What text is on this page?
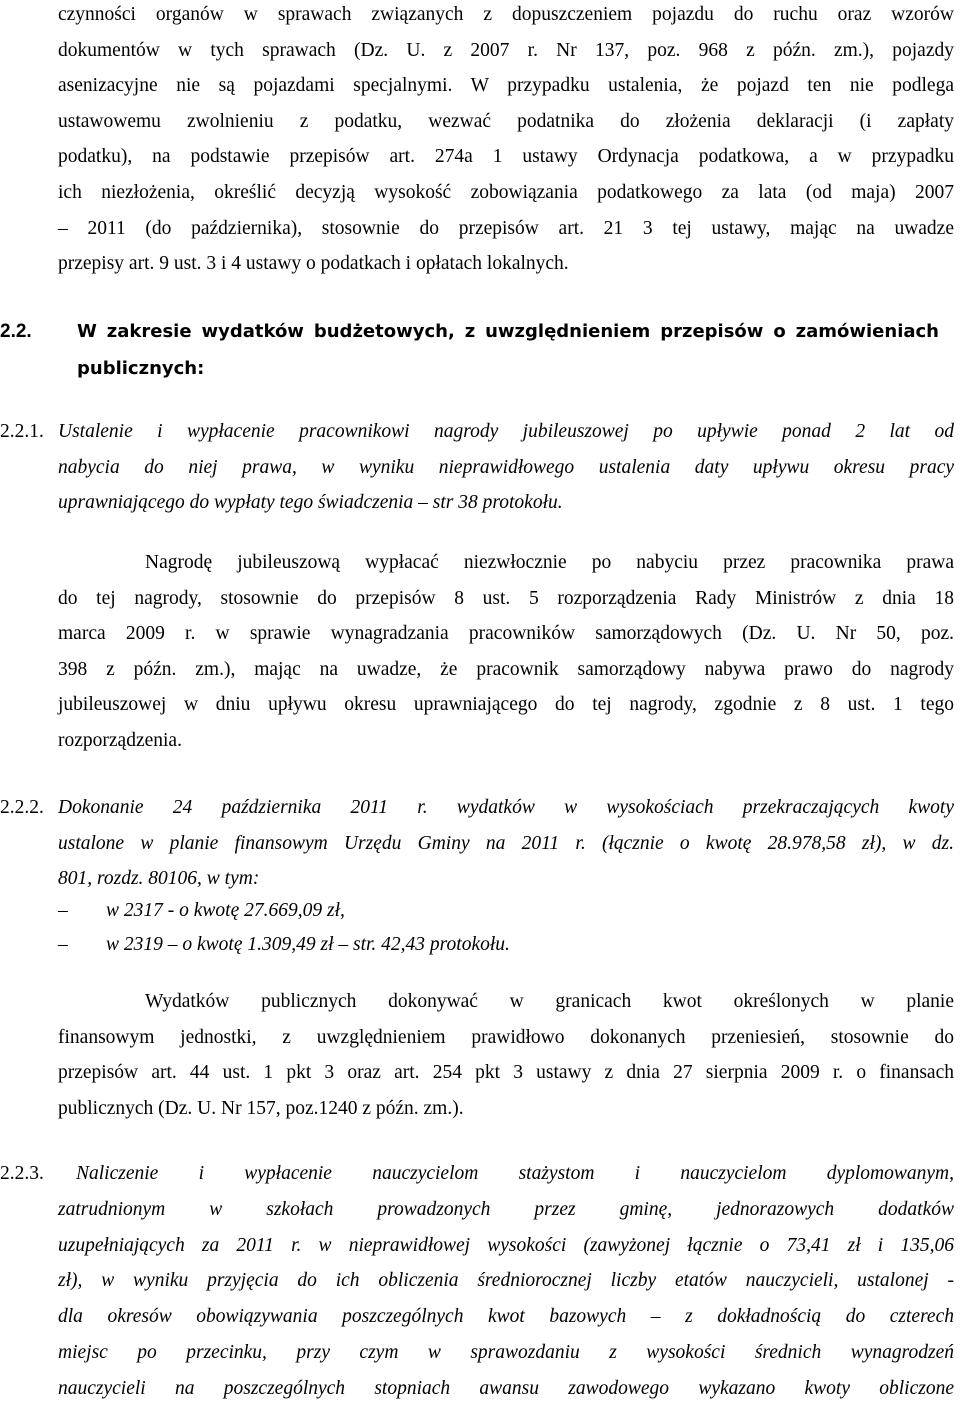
czynności organów w sprawach związanych z dopuszczeniem pojazdu do ruchu oraz wzorów
dokumentów w tych sprawach (Dz. U. z 2007 r. Nr 137, poz. 968 z późn. zm.), pojazdy
asenizacyjne nie są pojazdami specjalnymi. W przypadku ustalenia, że pojazd ten nie podlega
ustawowemu zwolnieniu z podatku, wezwać podatnika do złożenia deklaracji (i zapłaty
podatku), na podstawie przepisów art. 274a 1 ustawy Ordynacja podatkowa, a w przypadku
ich niezłożenia, określić decyzją wysokość zobowiązania podatkowego za lata (od maja) 2007
– 2011 (do października), stosownie do przepisów art. 21 3 tej ustawy, mając na uwadze
przepisy art. 9 ust. 3 i 4 ustawy o podatkach i opłatach lokalnych.
2.2.	W zakresie wydatków budżetowych, z uwzględnieniem przepisów o zamówieniach
publicznych:
2.2.1. Ustalenie i wypłacenie pracownikowi nagrody jubileuszowej po upływie ponad 2 lat od
nabycia do niej prawa, w wyniku nieprawidłowego ustalenia daty upływu okresu pracy
uprawniającego do wypłaty tego świadczenia – str 38 protokołu.
Nagrodę jubileuszową wypłacać niezwłocznie po nabyciu przez pracownika prawa
do tej nagrody, stosownie do przepisów 8 ust. 5 rozporządzenia Rady Ministrów z dnia 18
marca 2009 r. w sprawie wynagradzania pracowników samorządowych (Dz. U. Nr 50, poz.
398 z późn. zm.), mając na uwadze, że pracownik samorządowy nabywa prawo do nagrody
jubileuszowej w dniu upływu okresu uprawniającego do tej nagrody, zgodnie z 8 ust. 1 tego
rozporządzenia.
2.2.2. Dokonanie 24 października 2011 r. wydatków w wysokościach przekraczających kwoty
ustalone w planie finansowym Urzędu Gminy na 2011 r. (łącznie o kwotę 28.978,58 zł), w dz.
801, rozdz. 80106, w tym:
– w 2317 - o kwotę 27.669,09 zł,
– w 2319 – o kwotę 1.309,49 zł – str. 42,43 protokołu.
Wydatków publicznych dokonywać w granicach kwot określonych w planie
finansowym jednostki, z uwzględnieniem prawidłowo dokonanych przeniesień, stosownie do
przepisów art. 44 ust. 1 pkt 3 oraz art. 254 pkt 3 ustawy z dnia 27 sierpnia 2009 r. o finansach
publicznych (Dz. U. Nr 157, poz.1240 z późn. zm.).
2.2.3.	Naliczenie i wypłacenie nauczycielom stażystom i nauczycielom dyplomowanym,
zatrudnionym w szkołach prowadzonych przez gminę, jednorazowych dodatków
uzupełniających za 2011 r. w nieprawidłowej wysokości (zawyżonej łącznie o 73,41 zł i 135,06
zł), w wyniku przyjęcia do ich obliczenia średniorocznej liczby etatów nauczycieli, ustalonej -
dla okresów obowiązywania poszczególnych kwot bazowych – z dokładnością do czterech
miejsc po przecinku, przy czym w sprawozdaniu z wysokości średnich wynagrodzeń
nauczycieli na poszczególnych stopniach awansu zawodowego wykazano kwoty obliczone
